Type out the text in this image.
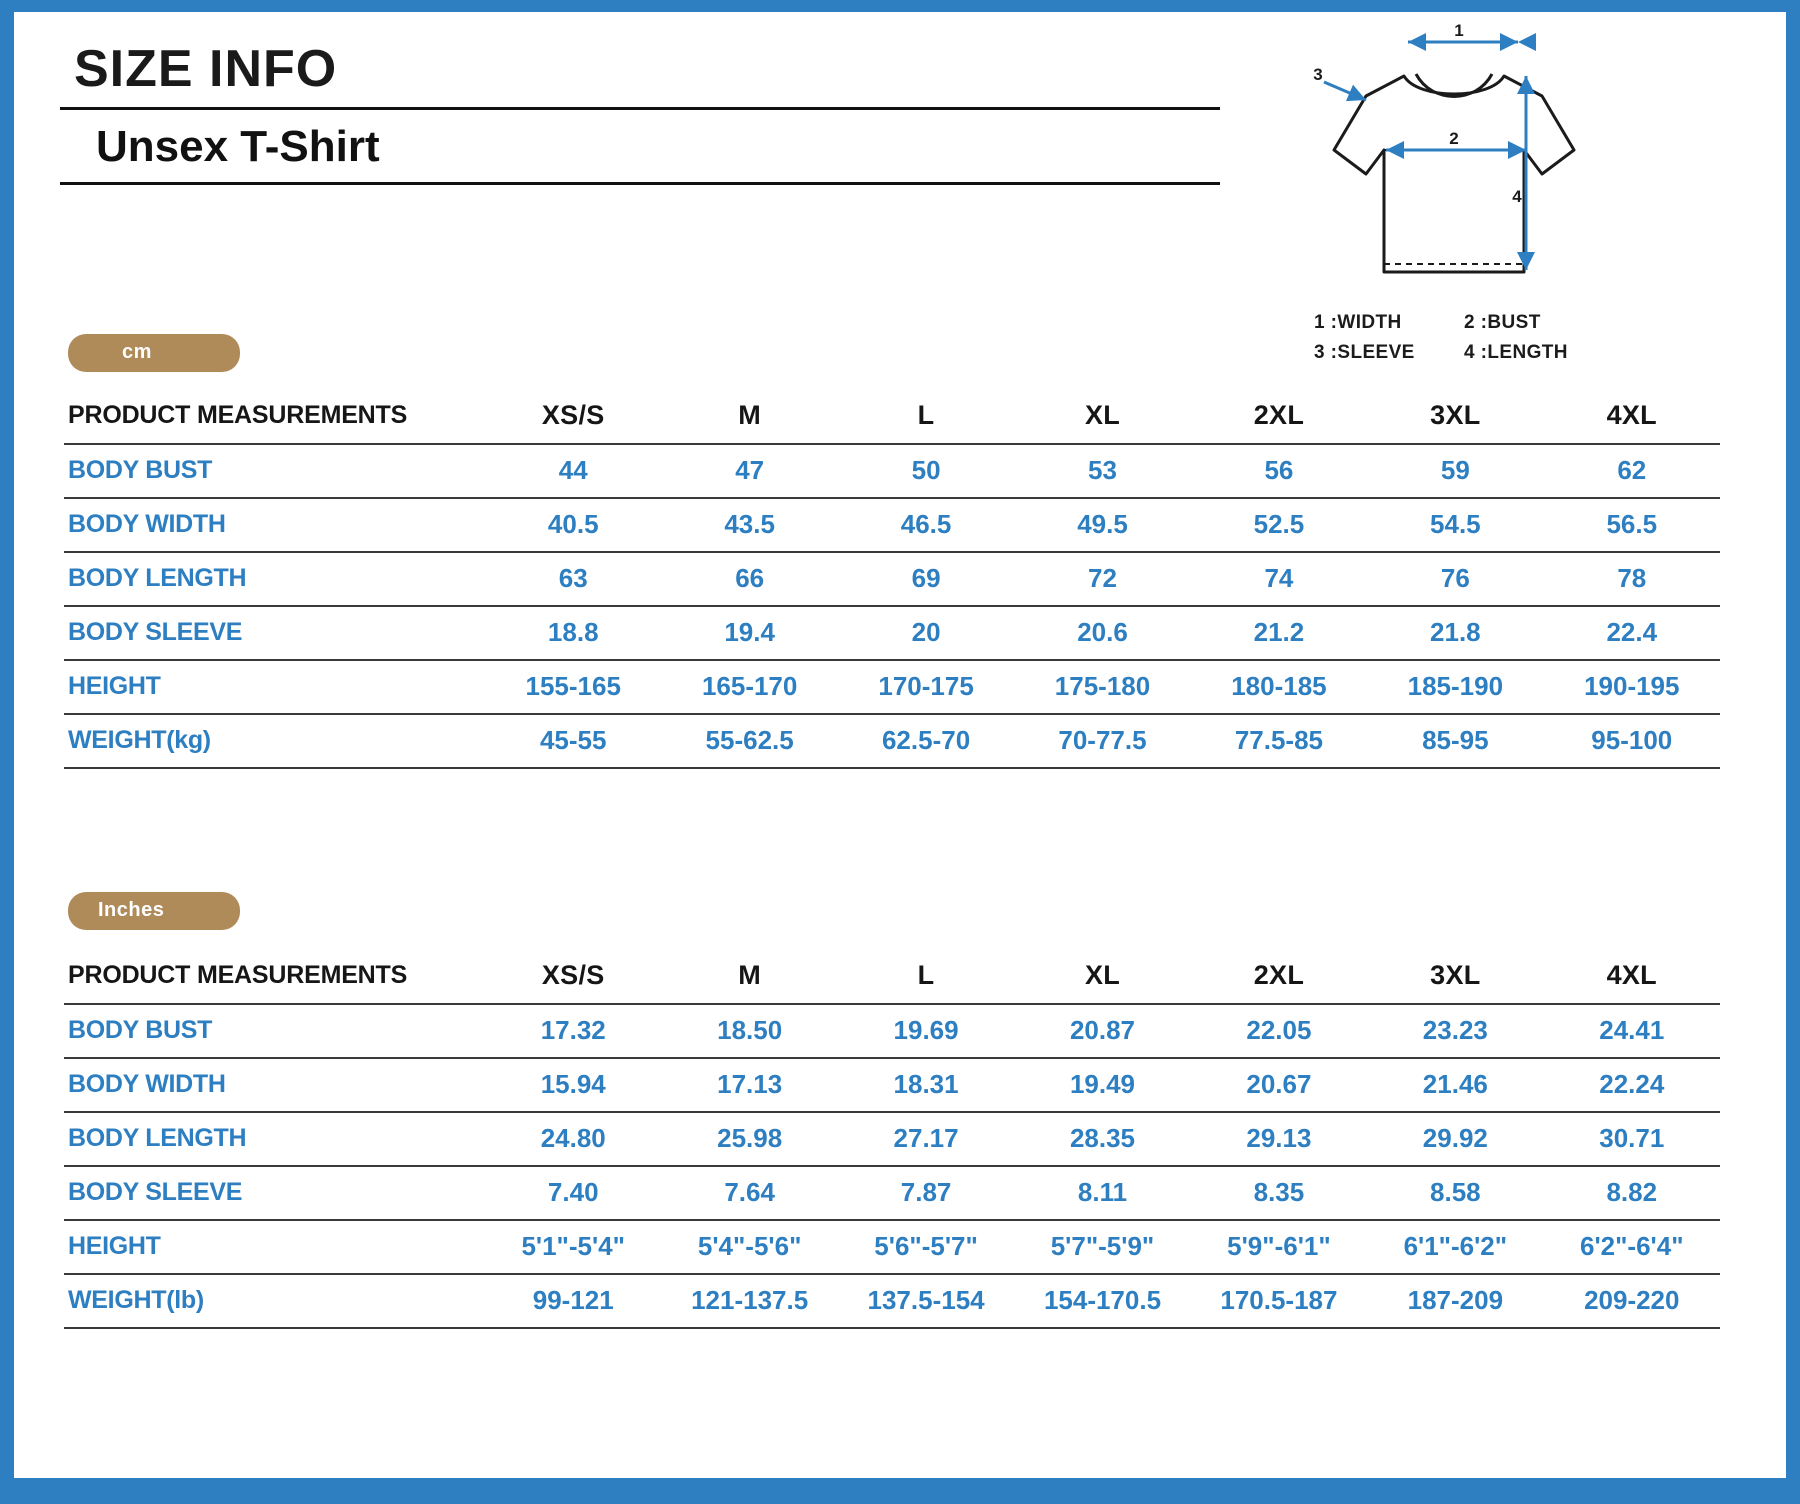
SIZE INFO
Unsex T-Shirt
1
2
3
4
1 :WIDTH	2 :BUST
3 :SLEEVE	4 :LENGTH
cm
PRODUCT MEASUREMENTS	XS/S	M	L	XL	2XL	3XL	4XL
BODY BUST	44	47	50	53	56	59	62
BODY WIDTH	40.5	43.5	46.5	49.5	52.5	54.5	56.5
BODY LENGTH	63	66	69	72	74	76	78
BODY SLEEVE	18.8	19.4	20	20.6	21.2	21.8	22.4
HEIGHT	155-165	165-170	170-175	175-180	180-185	185-190	190-195
WEIGHT(kg)	45-55	55-62.5	62.5-70	70-77.5	77.5-85	85-95	95-100
Inches
PRODUCT MEASUREMENTS	XS/S	M	L	XL	2XL	3XL	4XL
BODY BUST	17.32	18.50	19.69	20.87	22.05	23.23	24.41
BODY WIDTH	15.94	17.13	18.31	19.49	20.67	21.46	22.24
BODY LENGTH	24.80	25.98	27.17	28.35	29.13	29.92	30.71
BODY SLEEVE	7.40	7.64	7.87	8.11	8.35	8.58	8.82
HEIGHT	5'1"-5'4"	5'4"-5'6"	5'6"-5'7"	5'7"-5'9"	5'9"-6'1"	6'1"-6'2"	6'2"-6'4"
WEIGHT(lb)	99-121	121-137.5	137.5-154	154-170.5	170.5-187	187-209	209-220
